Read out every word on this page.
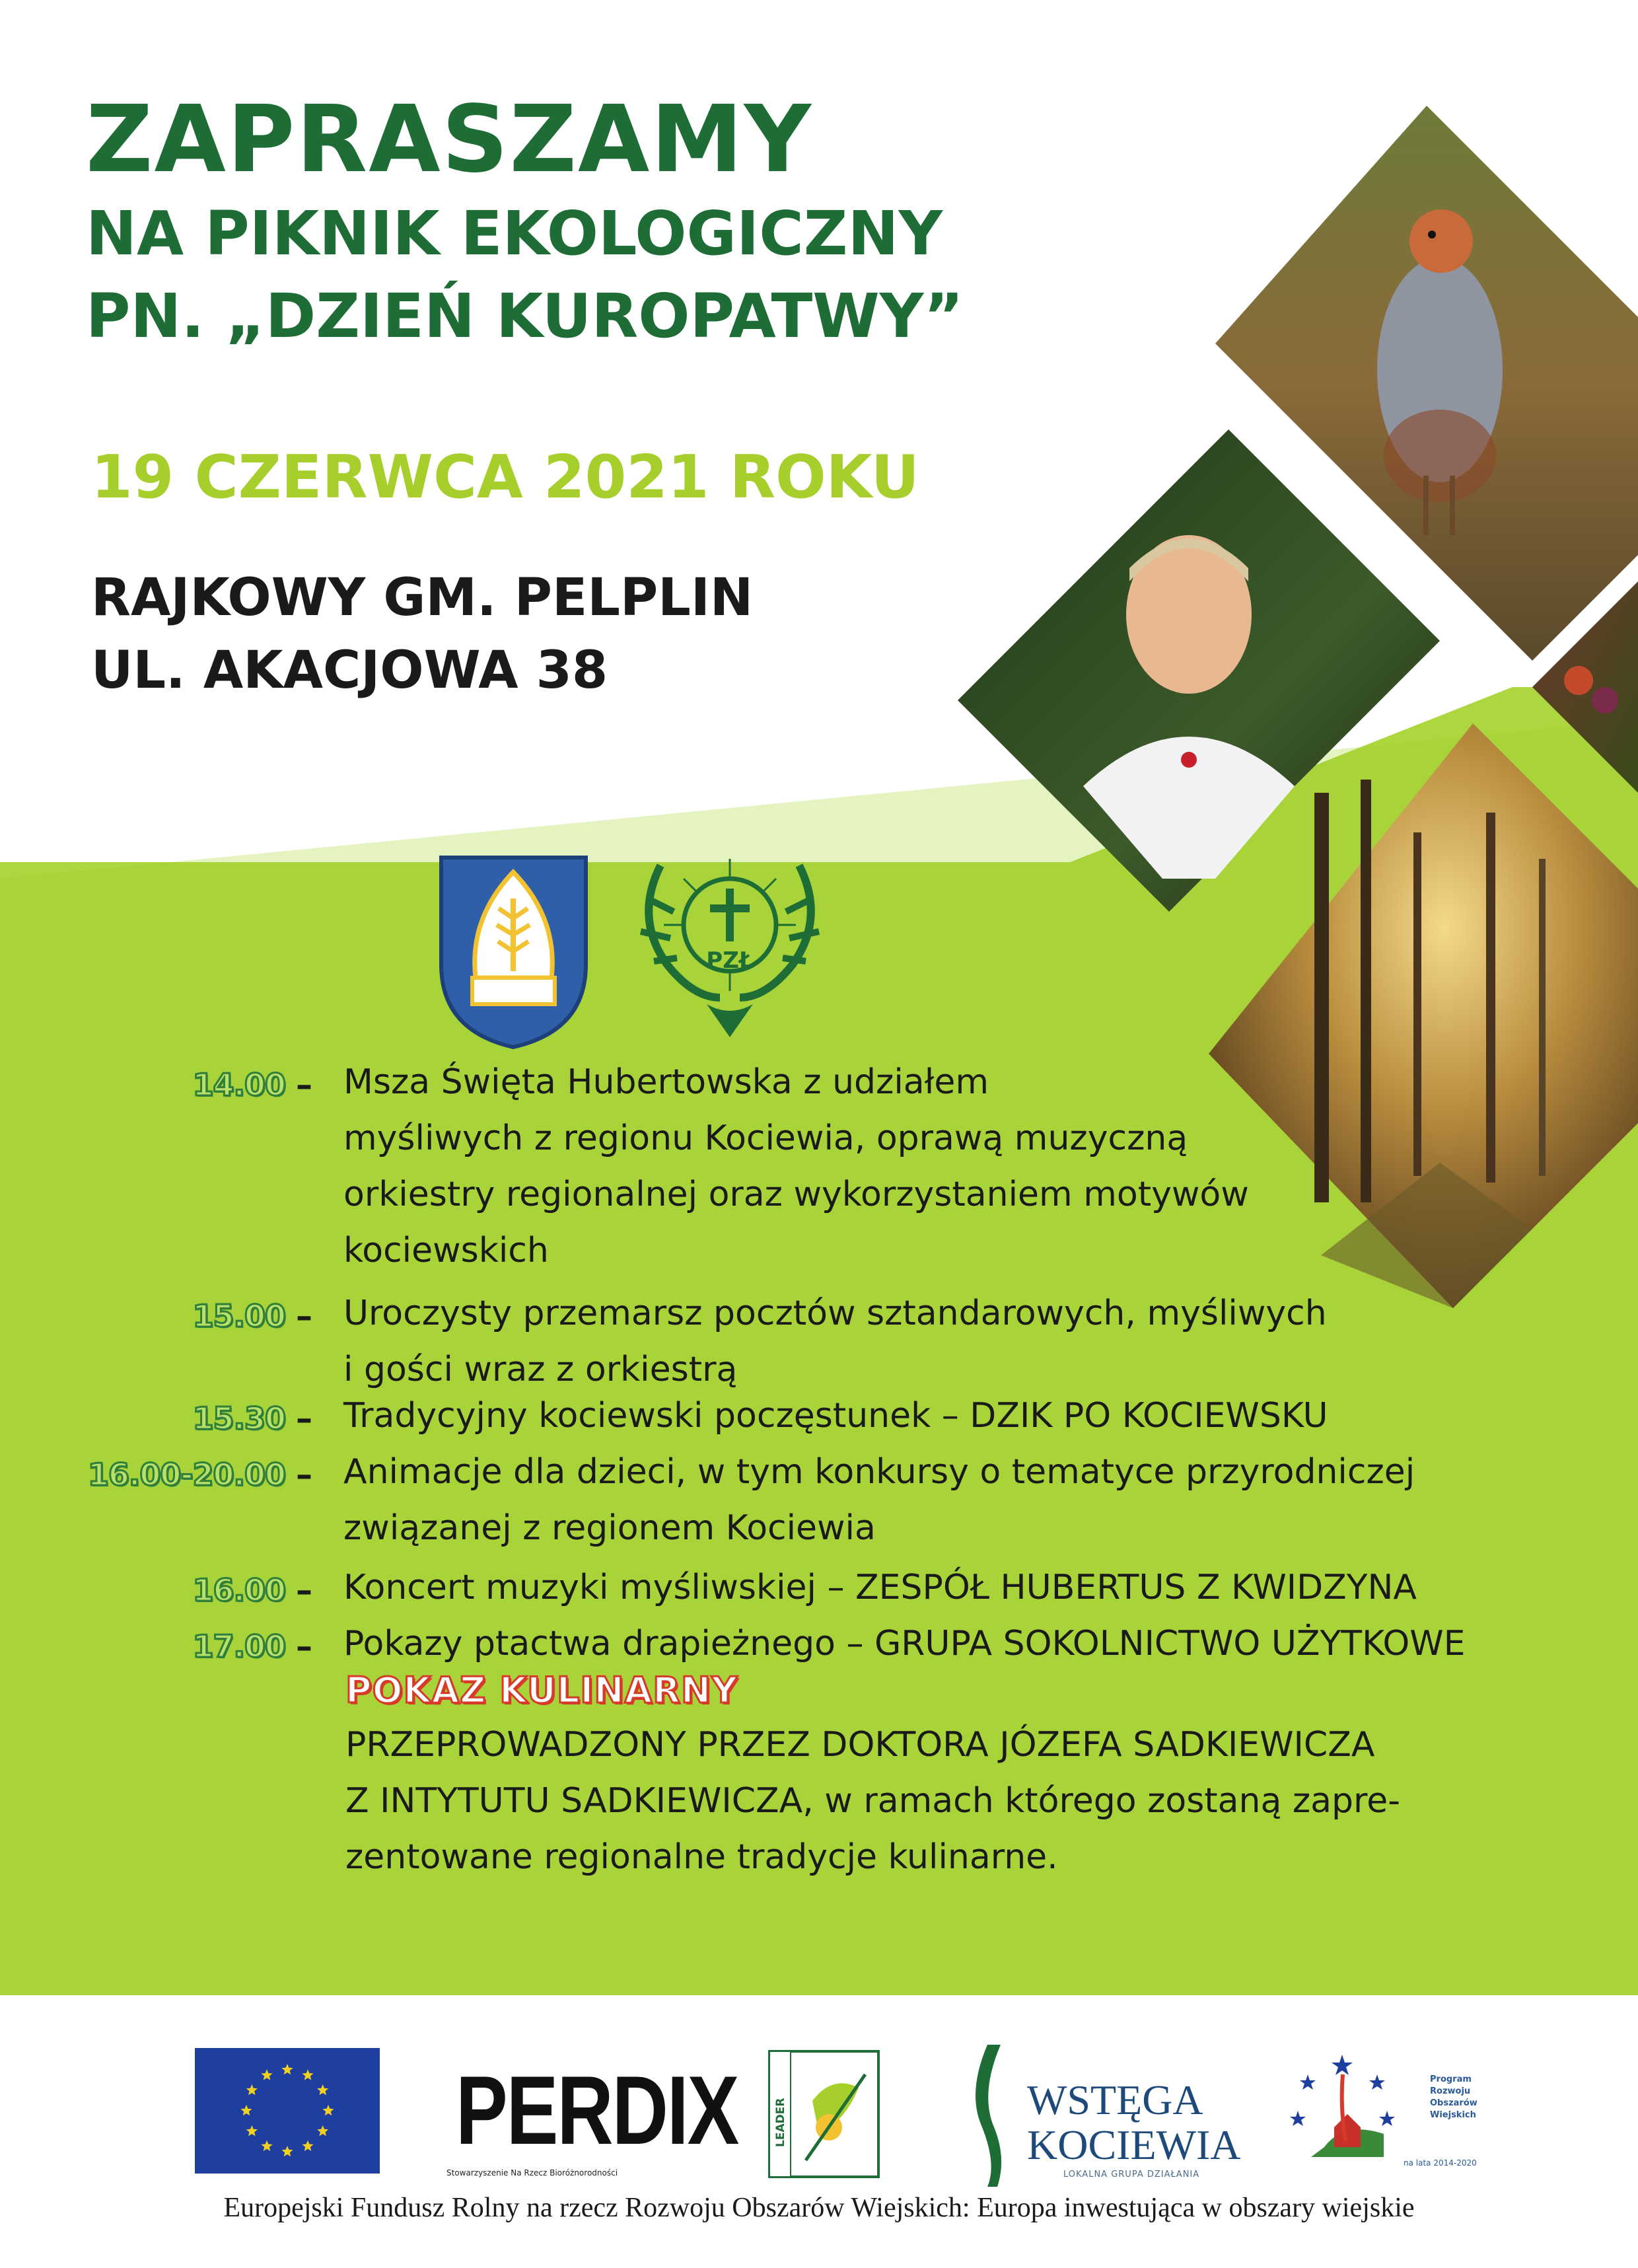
ZAPRASZAMY
NA PIKNIK EKOLOGICZNY
PN. „DZIEŃ KUROPATWY”
19 CZERWCA 2021 ROKU
RAJKOWY GM. PELPLIN
UL. AKACJOWA 38
PZŁ
14.00 – Msza Święta Hubertowska z udziałem
myśliwych z regionu Kociewia, oprawą muzyczną
orkiestry regionalnej oraz wykorzystaniem motywów
kociewskich
15.00 – Uroczysty przemarsz pocztów sztandarowych, myśliwych
i gości wraz z orkiestrą
15.30 – Tradycyjny kociewski poczęstunek – DZIK PO KOCIEWSKU
16.00-20.00 – Animacje dla dzieci, w tym konkursy o tematyce przyrodniczej
związanej z regionem Kociewia
16.00 – Koncert muzyki myśliwskiej – ZESPÓŁ HUBERTUS Z KWIDZYNA
17.00 – Pokazy ptactwa drapieżnego – GRUPA SOKOLNICTWO UŻYTKOWE
POKAZ KULINARNY
PRZEPROWADZONY PRZEZ DOKTORA JÓZEFA SADKIEWICZA
Z INTYTUTU SADKIEWICZA, w ramach którego zostaną zapre-
zentowane regionalne tradycje kulinarne.
PERDIX
Stowarzyszenie Na Rzecz Bioróżnorodności
LEADER	WSTĘGA
KOCIEWIA
LOKALNA GRUPA DZIAŁANIA
Program
Rozwoju
Obszarów
Wiejskich
na lata 2014-2020
Europejski Fundusz Rolny na rzecz Rozwoju Obszarów Wiejskich: Europa inwestująca w obszary wiejskie
